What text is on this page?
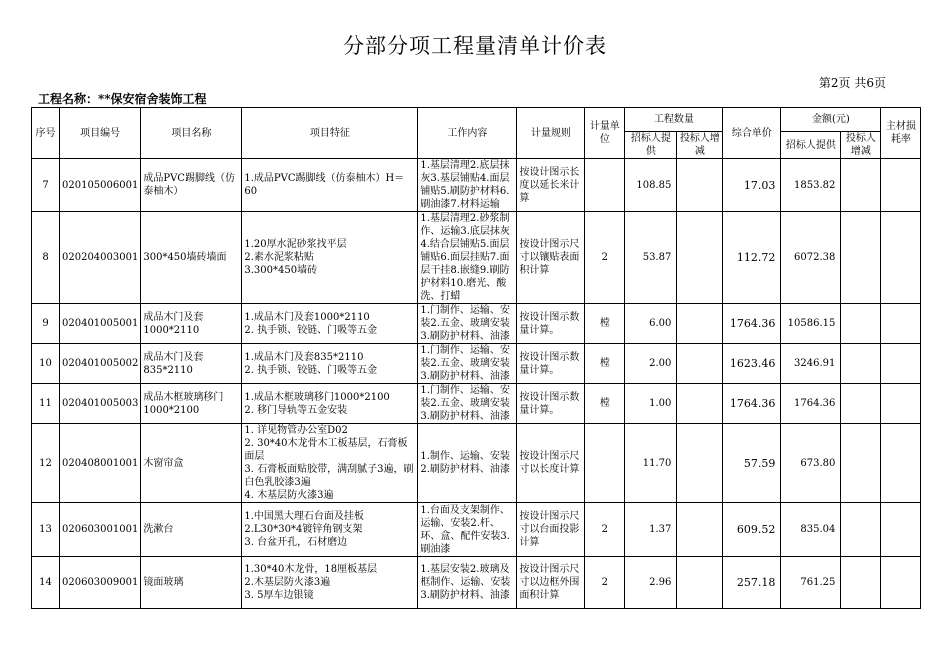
分部分项工程量清单计价表
第2页 共6页
工程名称：**保安宿舍装饰工程
序号	项目编号	项目名称	项目特征	工作内容	计量规则	计量单位	工程数量		综合单价	金额(元)		主材损耗率
							招标人提供	投标人增减		招标人提供	投标人增减	
7	020105006001	成品PVC踢脚线（仿泰柚木）	1.成品PVC踢脚线（仿泰柚木）H＝60	1.基层清理2.底层抹灰3.基层铺贴4.面层铺贴5.刷防护材料6.刷油漆7.材料运输	按设计图示长度以延长米计算		108.85		17.03	1853.82		
8	020204003001	300*450墙砖墙面	1.20厚水泥砂浆找平层
2.素水泥浆粘贴
3.300*450墙砖	1.基层清理2.砂浆制作、运输3.底层抹灰4.结合层铺贴5.面层铺贴6.面层挂贴7.面层干挂8.嵌缝9.刷防护材料10.磨光、酸洗、打蜡	按设计图示尺寸以镶贴表面积计算	2	53.87		112.72	6072.38		
9	020401005001	成品木门及套1000*2110	1.成品木门及套1000*2110
2. 执手锁、铰链、门吸等五金	1.门制作、运输、安装2.五金、玻璃安装3.刷防护材料、油漆	按设计图示数量计算。	樘	6.00		1764.36	10586.15		
10	020401005002	成品木门及套835*2110	1.成品木门及套835*2110
2. 执手锁、铰链、门吸等五金	1.门制作、运输、安装2.五金、玻璃安装3.刷防护材料、油漆	按设计图示数量计算。	樘	2.00		1623.46	3246.91		
11	020401005003	成品木框玻璃移门1000*2100	1.成品木框玻璃移门1000*2100
2. 移门导轨等五金安装	1.门制作、运输、安装2.五金、玻璃安装3.刷防护材料、油漆	按设计图示数量计算。	樘	1.00		1764.36	1764.36		
12	020408001001	木窗帘盒	1. 详见物管办公室D02
2. 30*40木龙骨木工板基层，石膏板面层
3. 石膏板面贴胶带，满刮腻子3遍，刷白色乳胶漆3遍
4. 木基层防火漆3遍	1.制作、运输、安装2.刷防护材料、油漆	按设计图示尺寸以长度计算		11.70		57.59	673.80		
13	020603001001	洗漱台	1.中国黑大理石台面及挂板
2.L30*30*4镀锌角钢支架
3. 台盆开孔，石材磨边	1.台面及支架制作、运输、安装2.杆、环、盒、配件安装3.刷油漆	按设计图示尺寸以台面投影计算	2	1.37		609.52	835.04		
14	020603009001	镜面玻璃	1.30*40木龙骨，18厘板基层
2.木基层防火漆3遍
3. 5厚车边银镜	1.基层安装2.玻璃及框制作、运输、安装3.刷防护材料、油漆	按设计图示尺寸以边框外围面积计算	2	2.96		257.18	761.25		
